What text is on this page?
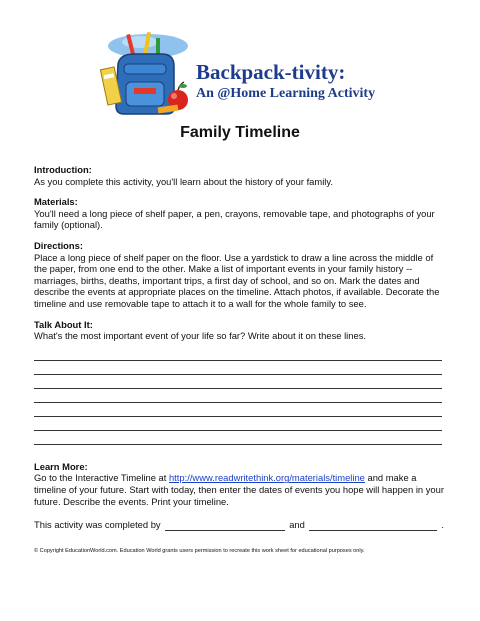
Backpack-tivity:
An @Home Learning Activity
Family Timeline
Introduction:

As you complete this activity, you'll learn about the history of your family.

Materials:

You'll need a long piece of shelf paper, a pen, crayons, removable tape, and photographs of your family (optional).

Directions:

Place a long piece of shelf paper on the floor. Use a yardstick to draw a line across the middle of the paper, from one end to the other. Make a list of important events in your family history -- marriages, births, deaths, important trips, a first day of school, and so on. Mark the dates and describe the events at appropriate places on the timeline. Attach photos, if available. Decorate the timeline and use removable tape to attach it to a wall for the whole family to see.

Talk About It:

What's the most important event of your life so far? Write about it on these lines.

Learn More:

Go to the Interactive Timeline at http://www.readwritethink.org/materials/timeline and make a timeline of your future. Start with today, then enter the dates of events you hope will happen in your future. Describe the events. Print your timeline.

This activity was completed by	and	.
© Copyright EducationWorld.com. Education World grants users permission to recreate this work sheet for educational purposes only.
